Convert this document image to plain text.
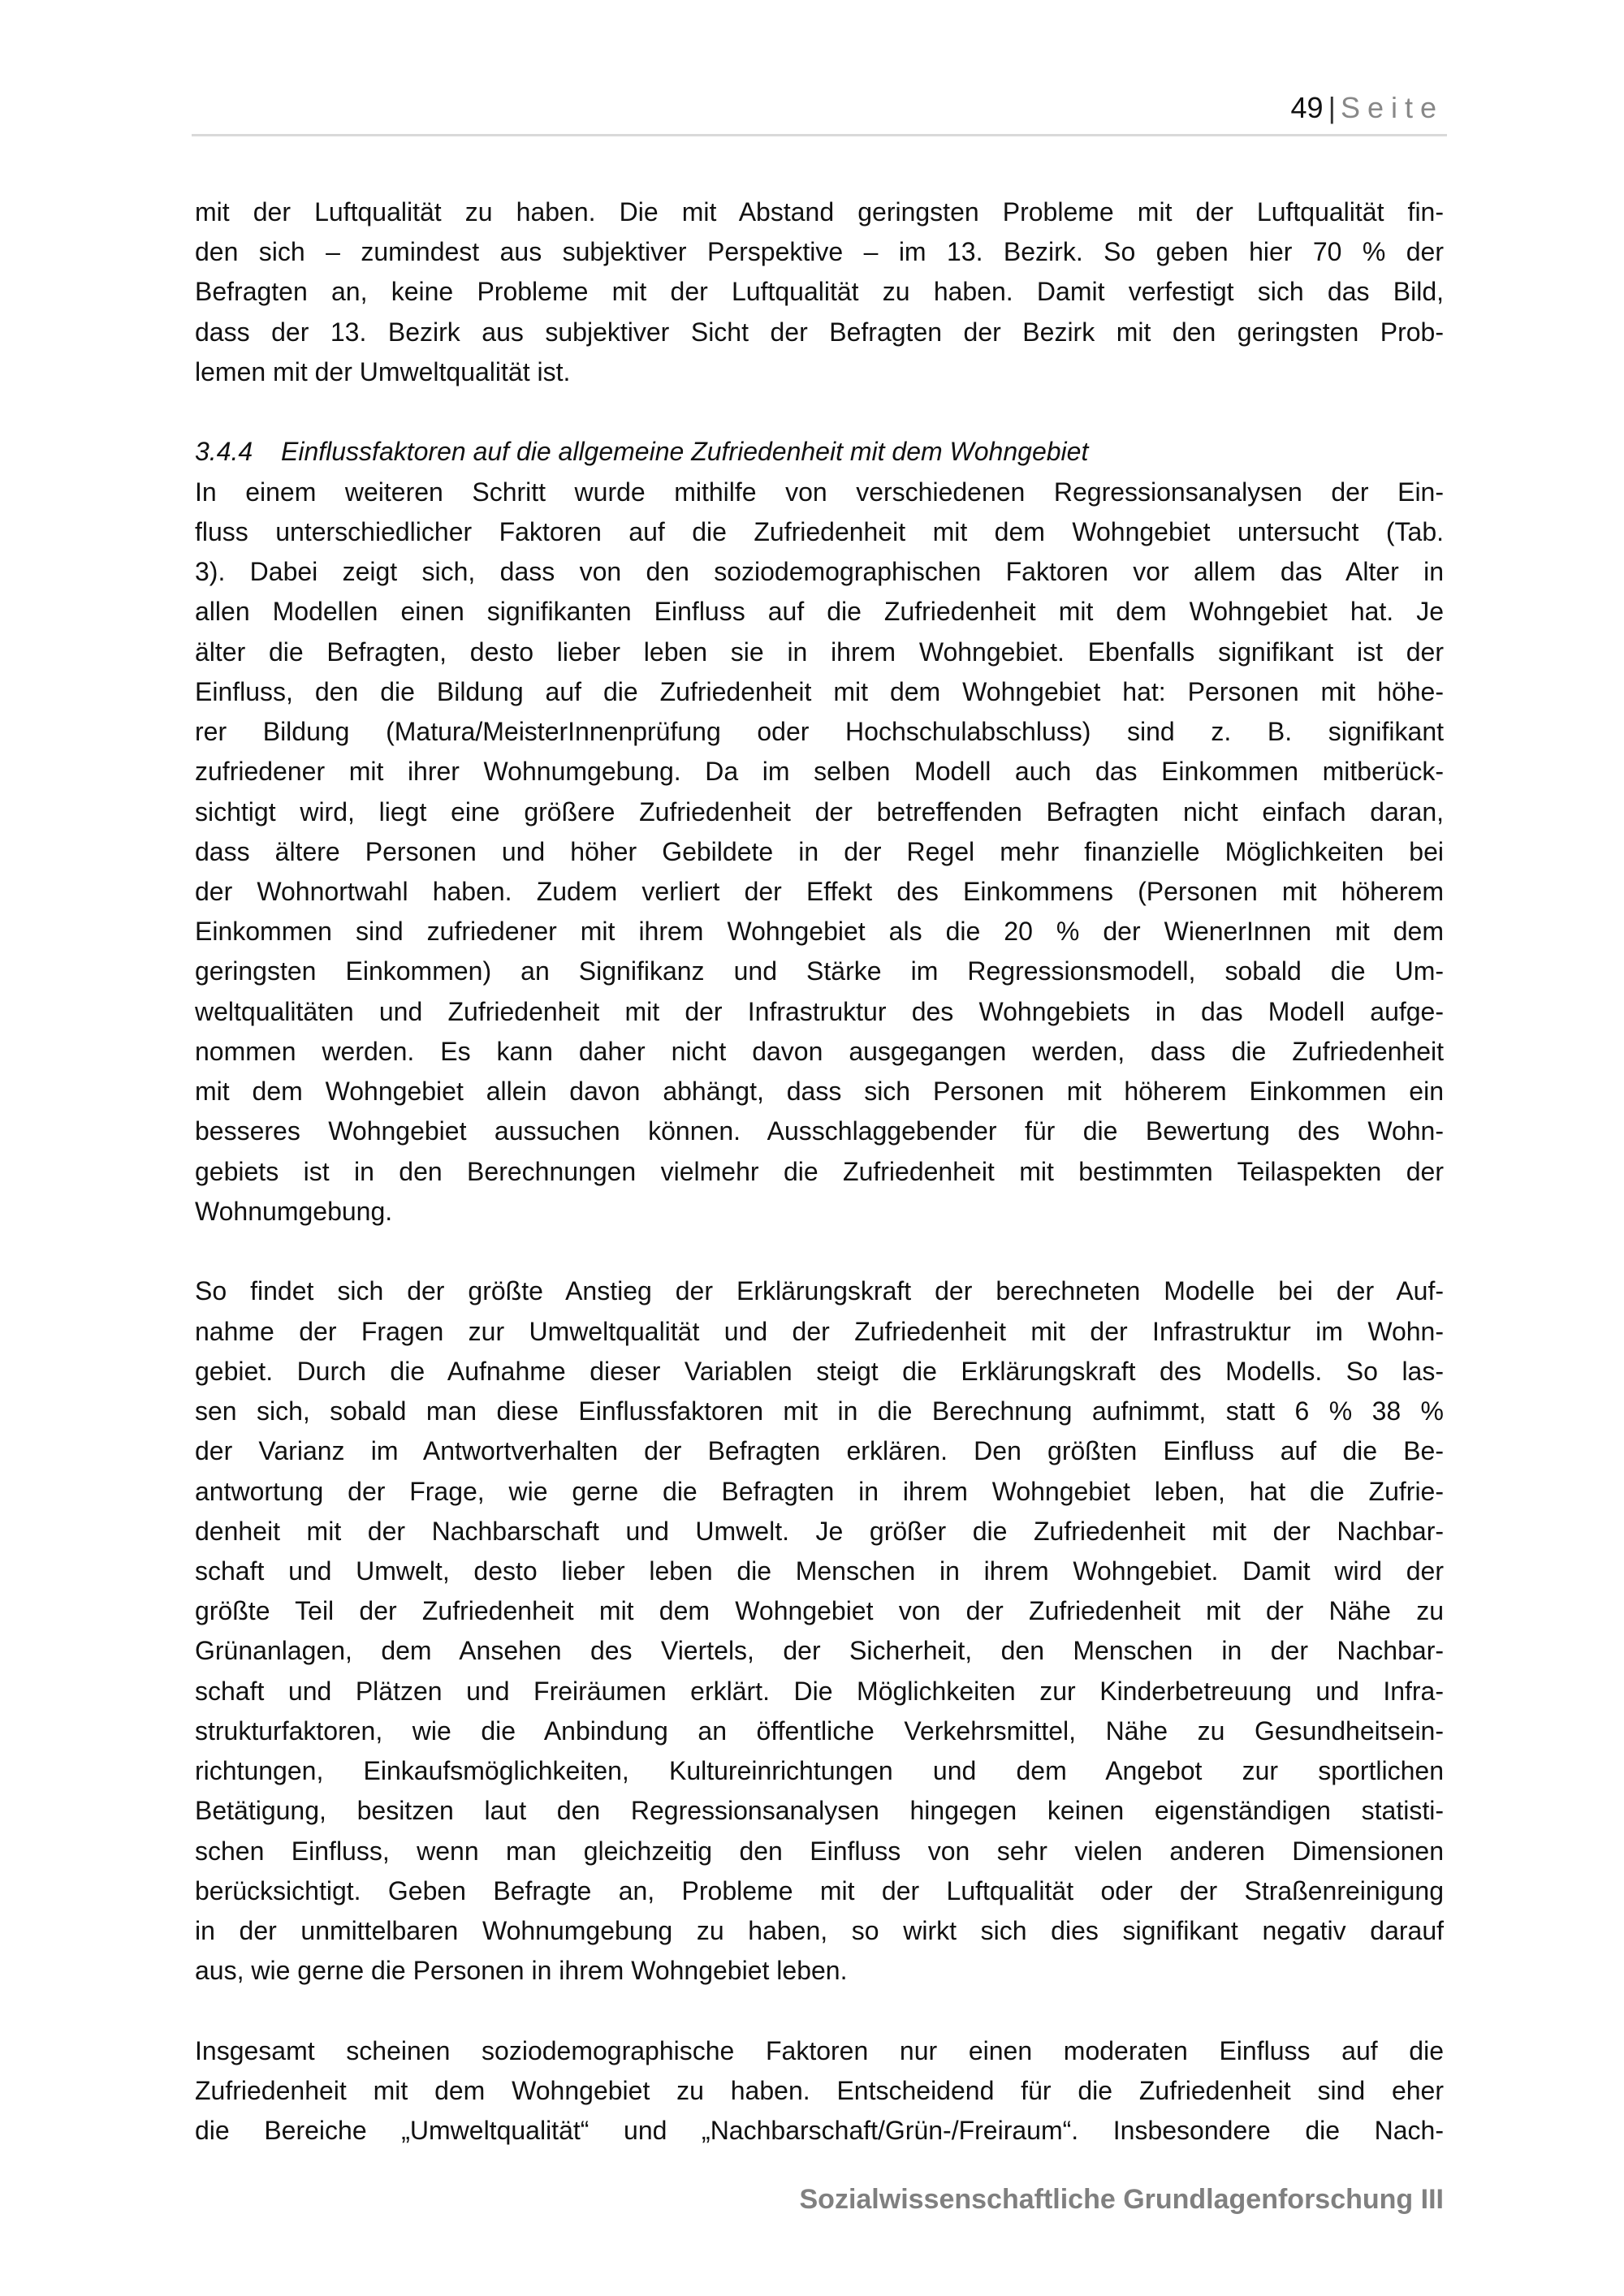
49 | Seite
mit der Luftqualität zu haben. Die mit Abstand geringsten Probleme mit der Luftqualität fin-
den sich – zumindest aus subjektiver Perspektive – im 13. Bezirk. So geben hier 70 % der
Befragten an, keine Probleme mit der Luftqualität zu haben. Damit verfestigt sich das Bild,
dass der 13. Bezirk aus subjektiver Sicht der Befragten der Bezirk mit den geringsten Prob-
lemen mit der Umweltqualität ist.
3.4.4 Einflussfaktoren auf die allgemeine Zufriedenheit mit dem Wohngebiet
In einem weiteren Schritt wurde mithilfe von verschiedenen Regressionsanalysen der Ein-
fluss unterschiedlicher Faktoren auf die Zufriedenheit mit dem Wohngebiet untersucht (Tab.
3). Dabei zeigt sich, dass von den soziodemographischen Faktoren vor allem das Alter in
allen Modellen einen signifikanten Einfluss auf die Zufriedenheit mit dem Wohngebiet hat. Je
älter die Befragten, desto lieber leben sie in ihrem Wohngebiet. Ebenfalls signifikant ist der
Einfluss, den die Bildung auf die Zufriedenheit mit dem Wohngebiet hat: Personen mit höhe-
rer Bildung (Matura/MeisterInnenprüfung oder Hochschulabschluss) sind z. B. signifikant
zufriedener mit ihrer Wohnumgebung. Da im selben Modell auch das Einkommen mitberück-
sichtigt wird, liegt eine größere Zufriedenheit der betreffenden Befragten nicht einfach daran,
dass ältere Personen und höher Gebildete in der Regel mehr finanzielle Möglichkeiten bei
der Wohnortwahl haben. Zudem verliert der Effekt des Einkommens (Personen mit höherem
Einkommen sind zufriedener mit ihrem Wohngebiet als die 20 % der WienerInnen mit dem
geringsten Einkommen) an Signifikanz und Stärke im Regressionsmodell, sobald die Um-
weltqualitäten und Zufriedenheit mit der Infrastruktur des Wohngebiets in das Modell aufge-
nommen werden. Es kann daher nicht davon ausgegangen werden, dass die Zufriedenheit
mit dem Wohngebiet allein davon abhängt, dass sich Personen mit höherem Einkommen ein
besseres Wohngebiet aussuchen können. Ausschlaggebender für die Bewertung des Wohn-
gebiets ist in den Berechnungen vielmehr die Zufriedenheit mit bestimmten Teilaspekten der
Wohnumgebung.
So findet sich der größte Anstieg der Erklärungskraft der berechneten Modelle bei der Auf-
nahme der Fragen zur Umweltqualität und der Zufriedenheit mit der Infrastruktur im Wohn-
gebiet. Durch die Aufnahme dieser Variablen steigt die Erklärungskraft des Modells. So las-
sen sich, sobald man diese Einflussfaktoren mit in die Berechnung aufnimmt, statt 6 % 38 %
der Varianz im Antwortverhalten der Befragten erklären. Den größten Einfluss auf die Be-
antwortung der Frage, wie gerne die Befragten in ihrem Wohngebiet leben, hat die Zufrie-
denheit mit der Nachbarschaft und Umwelt. Je größer die Zufriedenheit mit der Nachbar-
schaft und Umwelt, desto lieber leben die Menschen in ihrem Wohngebiet. Damit wird der
größte Teil der Zufriedenheit mit dem Wohngebiet von der Zufriedenheit mit der Nähe zu
Grünanlagen, dem Ansehen des Viertels, der Sicherheit, den Menschen in der Nachbar-
schaft und Plätzen und Freiräumen erklärt. Die Möglichkeiten zur Kinderbetreuung und Infra-
strukturfaktoren, wie die Anbindung an öffentliche Verkehrsmittel, Nähe zu Gesundheitsein-
richtungen, Einkaufsmöglichkeiten, Kultureinrichtungen und dem Angebot zur sportlichen
Betätigung, besitzen laut den Regressionsanalysen hingegen keinen eigenständigen statisti-
schen Einfluss, wenn man gleichzeitig den Einfluss von sehr vielen anderen Dimensionen
berücksichtigt. Geben Befragte an, Probleme mit der Luftqualität oder der Straßenreinigung
in der unmittelbaren Wohnumgebung zu haben, so wirkt sich dies signifikant negativ darauf
aus, wie gerne die Personen in ihrem Wohngebiet leben.
Insgesamt scheinen soziodemographische Faktoren nur einen moderaten Einfluss auf die
Zufriedenheit mit dem Wohngebiet zu haben. Entscheidend für die Zufriedenheit sind eher
die Bereiche „Umweltqualität“ und „Nachbarschaft/Grün-/Freiraum“. Insbesondere die Nach-
Sozialwissenschaftliche Grundlagenforschung III
